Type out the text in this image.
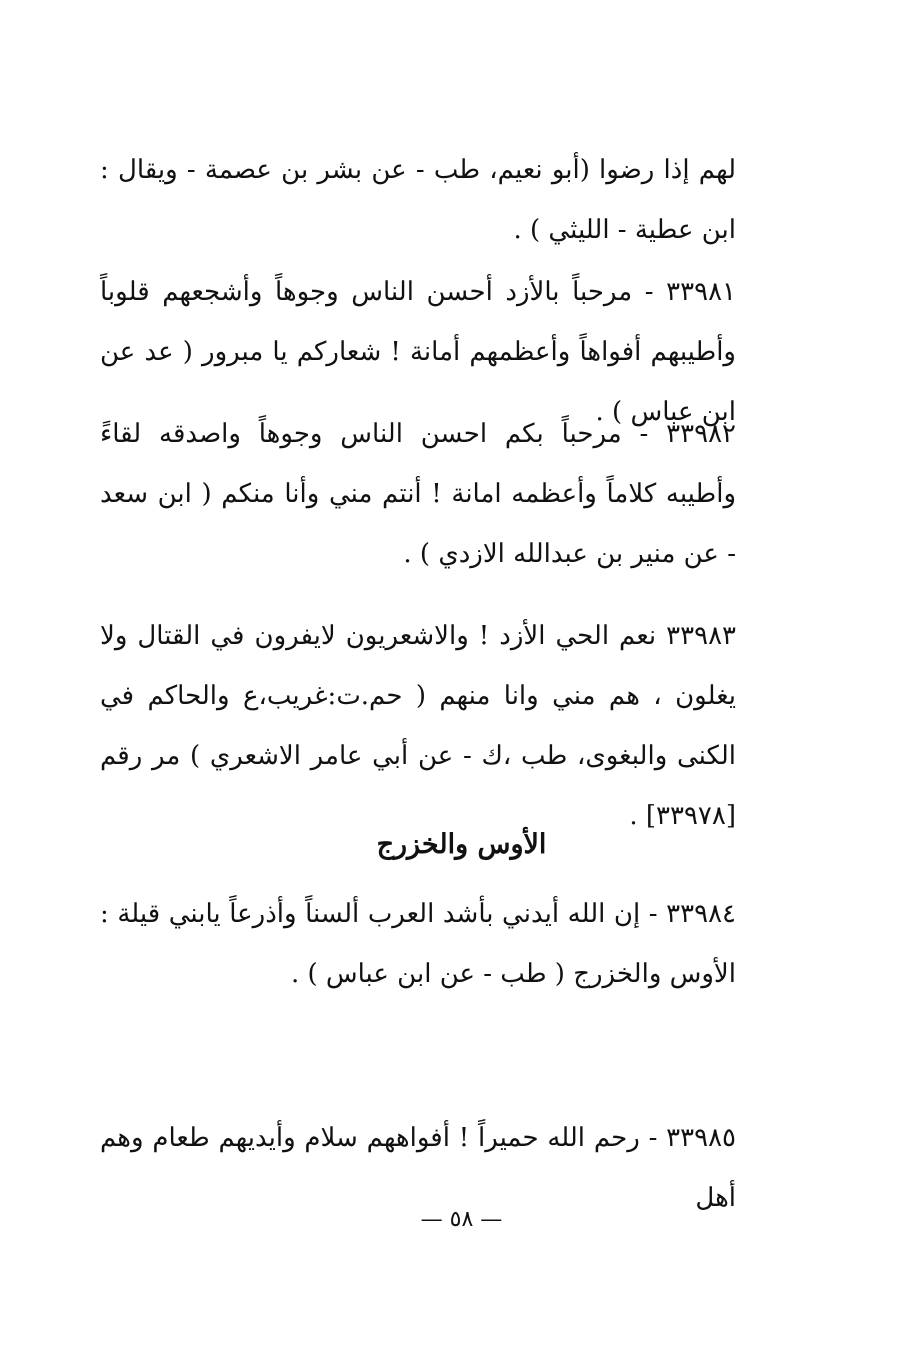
لهم إذا رضوا (أبو نعيم، طب - عن بشر بن عصمة - ويقال : ابن عطية - الليثي ) .

٣٣٩٨١ - مرحباً بالأزد أحسن الناس وجوهاً وأشجعهم قلوباً وأطيبهم أفواهاً وأعظمهم أمانة ! شعاركم يا مبرور ( عد عن ابن عباس ) .

٣٣٩٨٢ - مرحباً بكم احسن الناس وجوهاً واصدقه لقاءً وأطيبه كلاماً وأعظمه امانة ! أنتم مني وأنا منكم ( ابن سعد - عن منير بن عبدالله الازدي ) .

٣٣٩٨٣ نعم الحي الأزد ! والاشعريون لايفرون في القتال ولا يغلون ، هم مني وانا منهم ( حم.ت:غريب،ع والحاكم في الكنى والبغوى، طب ،ك - عن أبي عامر الاشعري ) مر رقم [٣٣٩٧٨] .

الأوس والخزرج

٣٣٩٨٤ - إن الله أيدني بأشد العرب ألسناً وأذرعاً يابني قيلة : الأوس والخزرج ( طب - عن ابن عباس ) .

٣٣٩٨٥ - رحم الله حميراً ! أفواههم سلام وأيديهم طعام وهم أهل

— ٥٨ —
